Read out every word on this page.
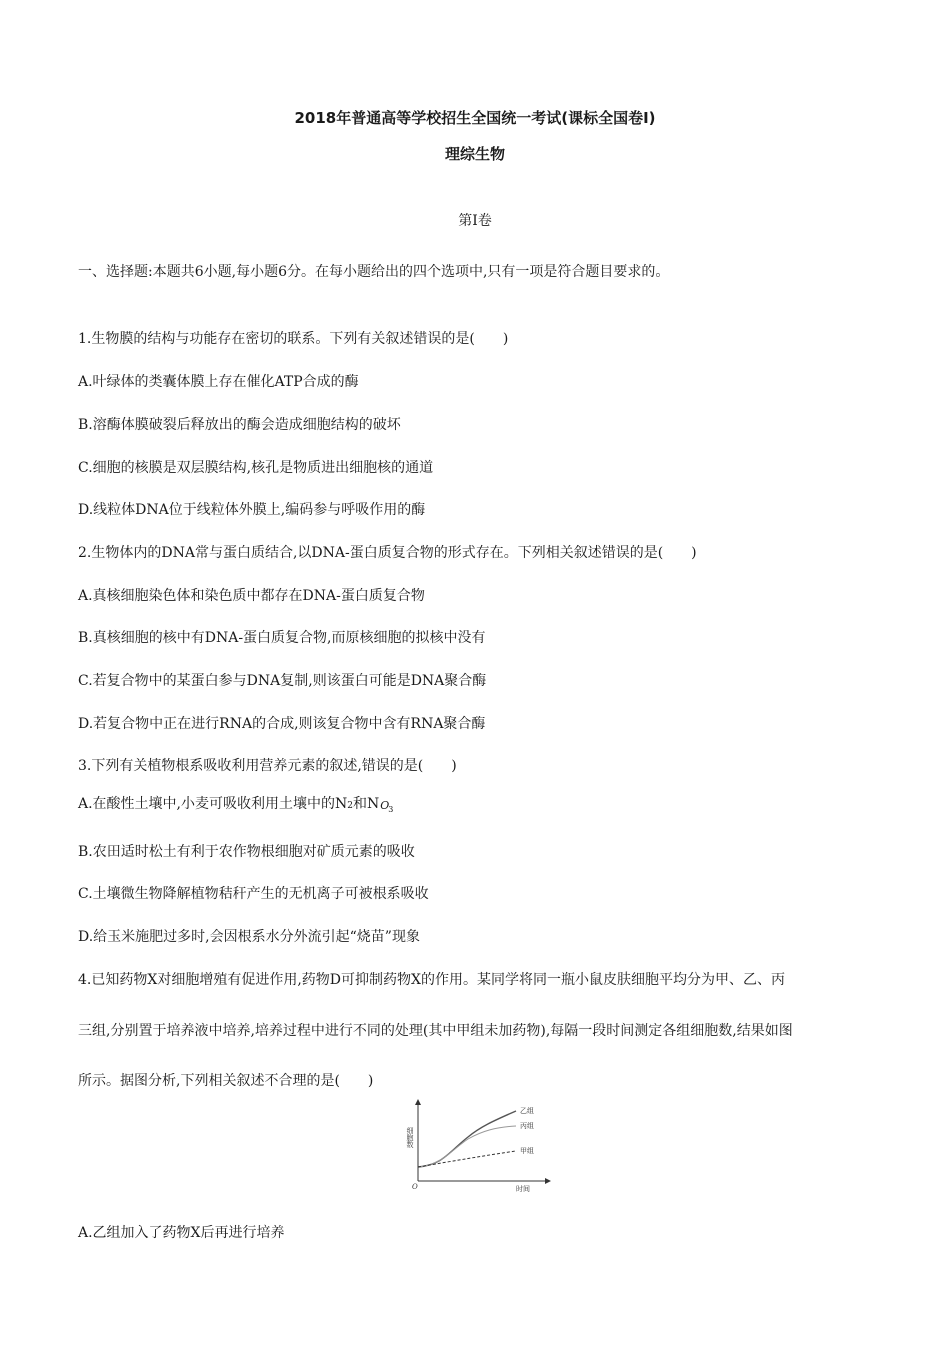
2018年普通高等学校招生全国统一考试(课标全国卷Ⅰ)
理综生物
第Ⅰ卷
一、选择题:本题共6小题,每小题6分。在每小题给出的四个选项中,只有一项是符合题目要求的。
1.生物膜的结构与功能存在密切的联系。下列有关叙述错误的是(　　)
A.叶绿体的类囊体膜上存在催化ATP合成的酶
B.溶酶体膜破裂后释放出的酶会造成细胞结构的破坏
C.细胞的核膜是双层膜结构,核孔是物质进出细胞核的通道
D.线粒体DNA位于线粒体外膜上,编码参与呼吸作用的酶
2.生物体内的DNA常与蛋白质结合,以DNA-蛋白质复合物的形式存在。下列相关叙述错误的是(　　)
A.真核细胞染色体和染色质中都存在DNA-蛋白质复合物
B.真核细胞的核中有DNA-蛋白质复合物,而原核细胞的拟核中没有
C.若复合物中的某蛋白参与DNA复制,则该蛋白可能是DNA聚合酶
D.若复合物中正在进行RNA的合成,则该复合物中含有RNA聚合酶
3.下列有关植物根系吸收利用营养元素的叙述,错误的是(　　)
A.在酸性土壤中,小麦可吸收利用土壤中的N2和N O
3
B.农田适时松土有利于农作物根细胞对矿质元素的吸收
C.土壤微生物降解植物秸秆产生的无机离子可被根系吸收
D.给玉米施肥过多时,会因根系水分外流引起“烧苗”现象
4.已知药物X对细胞增殖有促进作用,药物D可抑制药物X的作用。某同学将同一瓶小鼠皮肤细胞平均分为甲、乙、丙
三组,分别置于培养液中培养,培养过程中进行不同的处理(其中甲组未加药物),每隔一段时间测定各组细胞数,结果如图
所示。据图分析,下列相关叙述不合理的是(　　)
细胞数
时间
O
乙组
丙组
甲组
A.乙组加入了药物X后再进行培养
